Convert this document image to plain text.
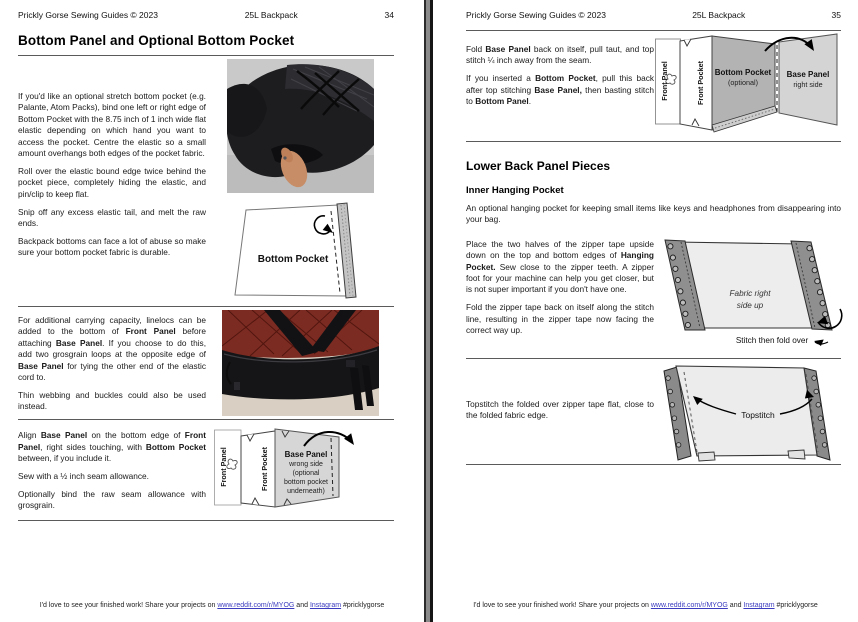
Prickly Gorse Sewing Guides © 2023	25L Backpack	34
Bottom Panel and Optional Bottom Pocket

If you'd like an optional stretch bottom pocket (e.g. Palante, Atom Packs), bind one left or right edge of Bottom Pocket with the 8.75 inch of 1 inch wide flat elastic depending on which hand you want to access the pocket. Centre the elastic so a small amount overhangs both edges of the pocket fabric.

Roll over the elastic bound edge twice behind the pocket piece, completely hiding the elastic, and pin/clip to keep flat.

Snip off any excess elastic tail, and melt the raw ends.

Backpack bottoms can face a lot of abuse so make sure your bottom pocket fabric is durable.

Bottom Pocket

For additional carrying capacity, linelocs can be added to the bottom of Front Panel before attaching Base Panel. If you choose to do this, add two grosgrain loops at the opposite edge of Base Panel for tying the other end of the elastic cord to.

Thin webbing and buckles could also be used instead.

Align Base Panel on the bottom edge of Front Panel, right sides touching, with Bottom Pocket between, if you include it.

Sew with a ½ inch seam allowance.

Optionally bind the raw seam allowance with grosgrain.

Front Panel	Front Pocket Base Panel
wrong side
(optional
bottom pocket
underneath)
I'd love to see your finished work! Share your projects on www.reddit.com/r/MYOG and Instagram #pricklygorse
Prickly Gorse Sewing Guides © 2023	25L Backpack	35

Fold Base Panel back on itself, pull taut, and top stitch ¼ inch away from the seam.

If you inserted a Bottom Pocket, pull this back after top stitching Base Panel, then basting stitch to Bottom Panel.

Front Panel	Front Pocket Bottom Pocket
(optional)
Base Panel
right side
Lower Back Panel Pieces
Inner Hanging Pocket

An optional hanging pocket for keeping small items like keys and headphones from disappearing into your bag.

Place the two halves of the zipper tape upside down on the top and bottom edges of Hanging Pocket. Sew close to the zipper teeth. A zipper foot for your machine can help you get closer, but is not super important if you don't have one.

Fold the zipper tape back on itself along the stitch line, resulting in the zipper tape now facing the correct way up.

Fabric right
side up
Stitch then fold over

Topstitch the folded over zipper tape flat, close to the folded fabric edge.	Topstitch
I'd love to see your finished work! Share your projects on www.reddit.com/r/MYOG and Instagram #pricklygorse
